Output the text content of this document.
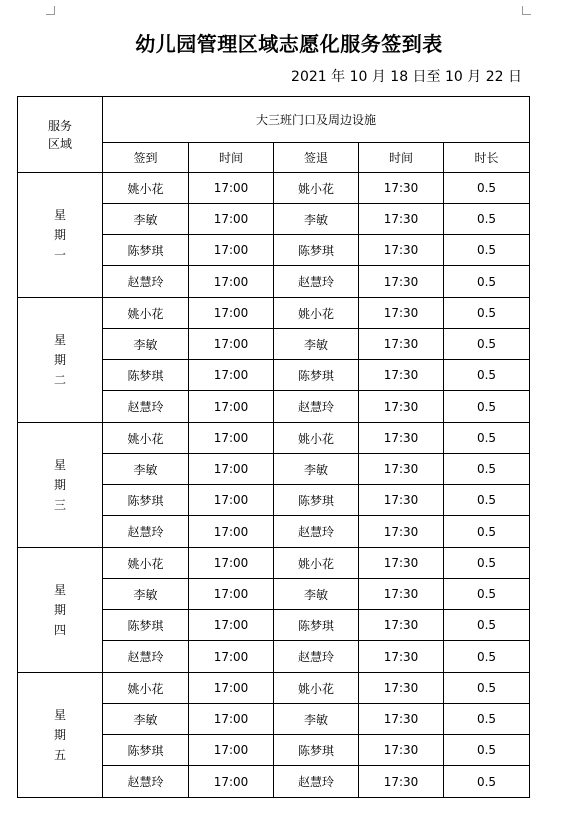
幼儿园管理区域志愿化服务签到表
2021 年 10 月 18 日至 10 月 22 日
服务
区域	大三班门口及周边设施				
	签到	时间	签退	时间	时长

星
期
一	姚小花	17:00	姚小花	17:30	0.5
	李敏	17:00	李敏	17:30	0.5
	陈梦琪	17:00	陈梦琪	17:30	0.5
	赵慧玲	17:00	赵慧玲	17:30	0.5

星
期
二	姚小花	17:00	姚小花	17:30	0.5
	李敏	17:00	李敏	17:30	0.5
	陈梦琪	17:00	陈梦琪	17:30	0.5
	赵慧玲	17:00	赵慧玲	17:30	0.5

星
期
三	姚小花	17:00	姚小花	17:30	0.5
	李敏	17:00	李敏	17:30	0.5
	陈梦琪	17:00	陈梦琪	17:30	0.5
	赵慧玲	17:00	赵慧玲	17:30	0.5

星
期
四	姚小花	17:00	姚小花	17:30	0.5
	李敏	17:00	李敏	17:30	0.5
	陈梦琪	17:00	陈梦琪	17:30	0.5
	赵慧玲	17:00	赵慧玲	17:30	0.5

星
期
五	姚小花	17:00	姚小花	17:30	0.5
	李敏	17:00	李敏	17:30	0.5
	陈梦琪	17:00	陈梦琪	17:30	0.5
	赵慧玲	17:00	赵慧玲	17:30	0.5
